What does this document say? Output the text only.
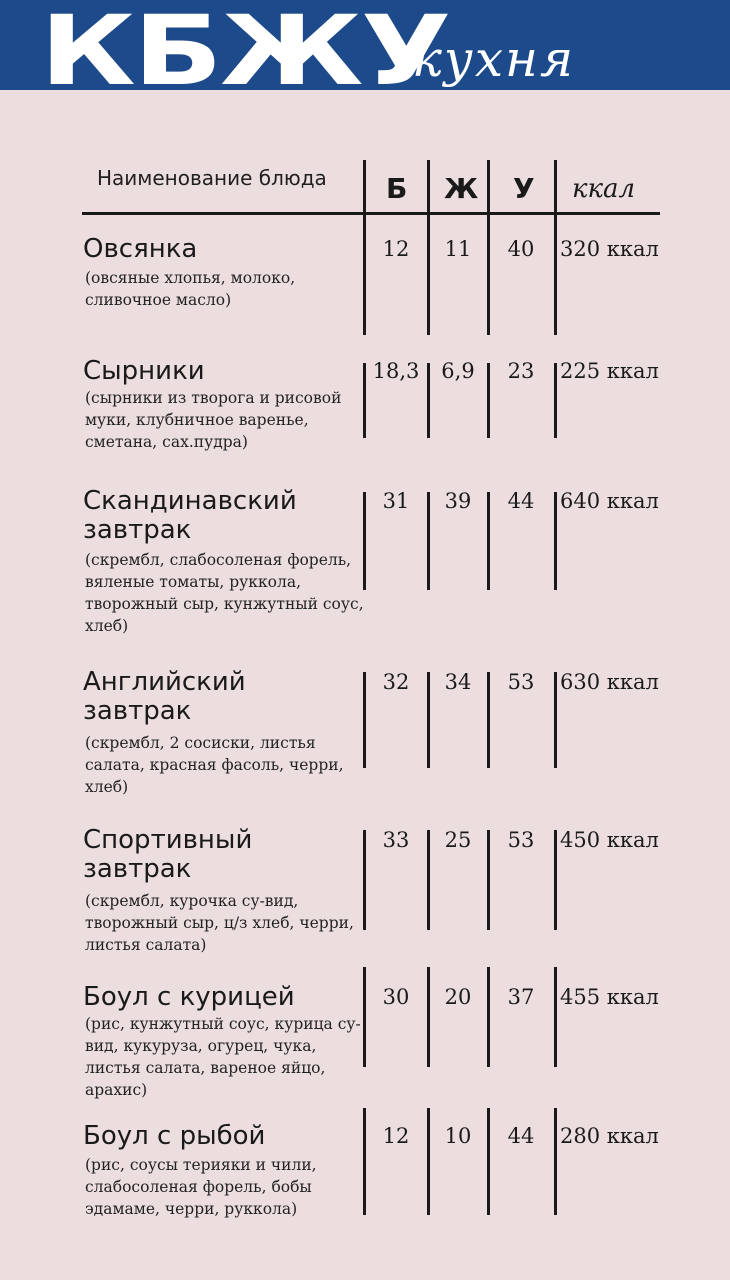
КБЖУ
кухня
Наименование блюда Б Ж У ккал
Овсянка
(овсяные хлопья, молоко, сливочное масло)
12	11	40	320 ккал
Сырники
(сырники из творога и рисовой муки, клубничное варенье, сметана, сах.пудра)
18,3	6,9	23	225 ккал
Скандинавский завтрак
(скрембл, слабосоленая форель, вяленые томаты, руккола, творожный сыр, кунжутный соус, хлеб)
31	39	44	640 ккал
Английский завтрак
(скрембл, 2 сосиски, листья салата, красная фасоль, черри, хлеб)
32	34	53	630 ккал
Спортивный завтрак
(скрембл, курочка су-вид, творожный сыр, ц/з хлеб, черри, листья салата)
33	25	53	450 ккал
Боул с курицей
(рис, кунжутный соус, курица су-вид, кукуруза, огурец, чука, листья салата, вареное яйцо, арахис)
30	20	37	455 ккал
Боул с рыбой
(рис, соусы терияки и чили, слабосоленая форель, бобы эдамаме, черри, руккола)
12	10	44	280 ккал
